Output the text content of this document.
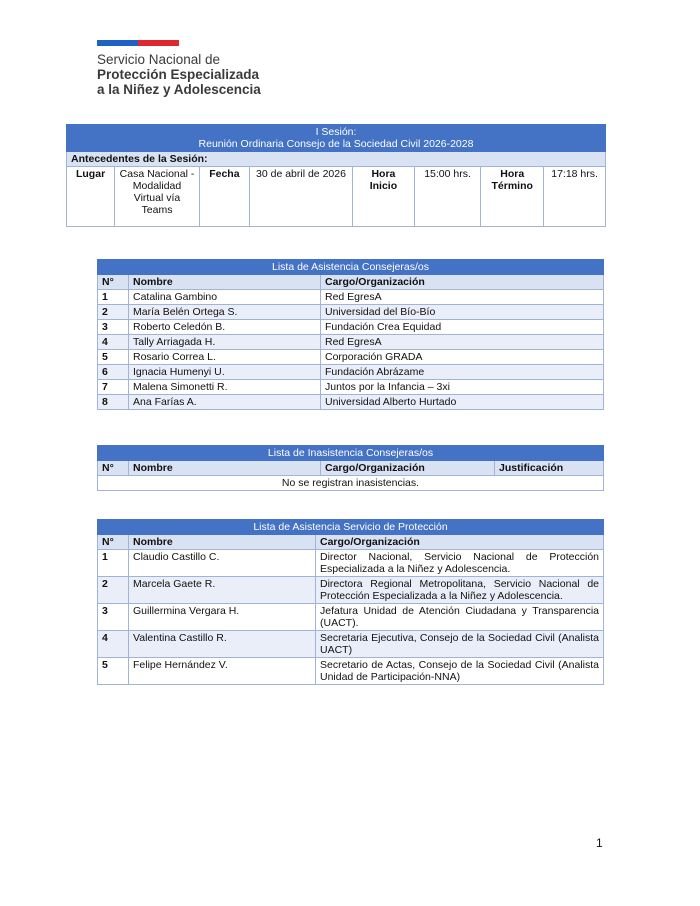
Servicio Nacional de
Protección Especializada
a la Niñez y Adolescencia
I Sesión:
Reunión Ordinaria Consejo de la Sociedad Civil 2026-2028

Antecedentes de la Sesión:
Lugar	Casa Nacional - Modalidad Virtual vía Teams	Fecha	30 de abril de 2026	Hora Inicio	15:00 hrs.	Hora Término	17:18 hrs.
Lista de Asistencia Consejeras/os		
N°	Nombre	Cargo/Organización
1	Catalina Gambino	Red EgresA
2	María Belén Ortega S.	Universidad del Bío-Bío
3	Roberto Celedón B.	Fundación Crea Equidad
4	Tally Arriagada H.	Red EgresA
5	Rosario Correa L.	Corporación GRADA
6	Ignacia Humenyi U.	Fundación Abrázame
7	Malena Simonetti R.	Juntos por la Infancia – 3xi
8	Ana Farías A.	Universidad Alberto Hurtado
Lista de Inasistencia Consejeras/os
N°	Nombre	Cargo/Organización	Justificación
No se registran inasistencias.
Lista de Asistencia Servicio de Protección		
N°	Nombre	Cargo/Organización
1	Claudio Castillo C.	Director Nacional, Servicio Nacional de Protección Especializada a la Niñez y Adolescencia.
2	Marcela Gaete R.	Directora Regional Metropolitana, Servicio Nacional de Protección Especializada a la Niñez y Adolescencia.
3	Guillermina Vergara H.	Jefatura Unidad de Atención Ciudadana y Transparencia (UACT).
4	Valentina Castillo R.	Secretaria Ejecutiva, Consejo de la Sociedad Civil (Analista UACT)
5	Felipe Hernández V.	Secretario de Actas, Consejo de la Sociedad Civil (Analista Unidad de Participación-NNA)
1
